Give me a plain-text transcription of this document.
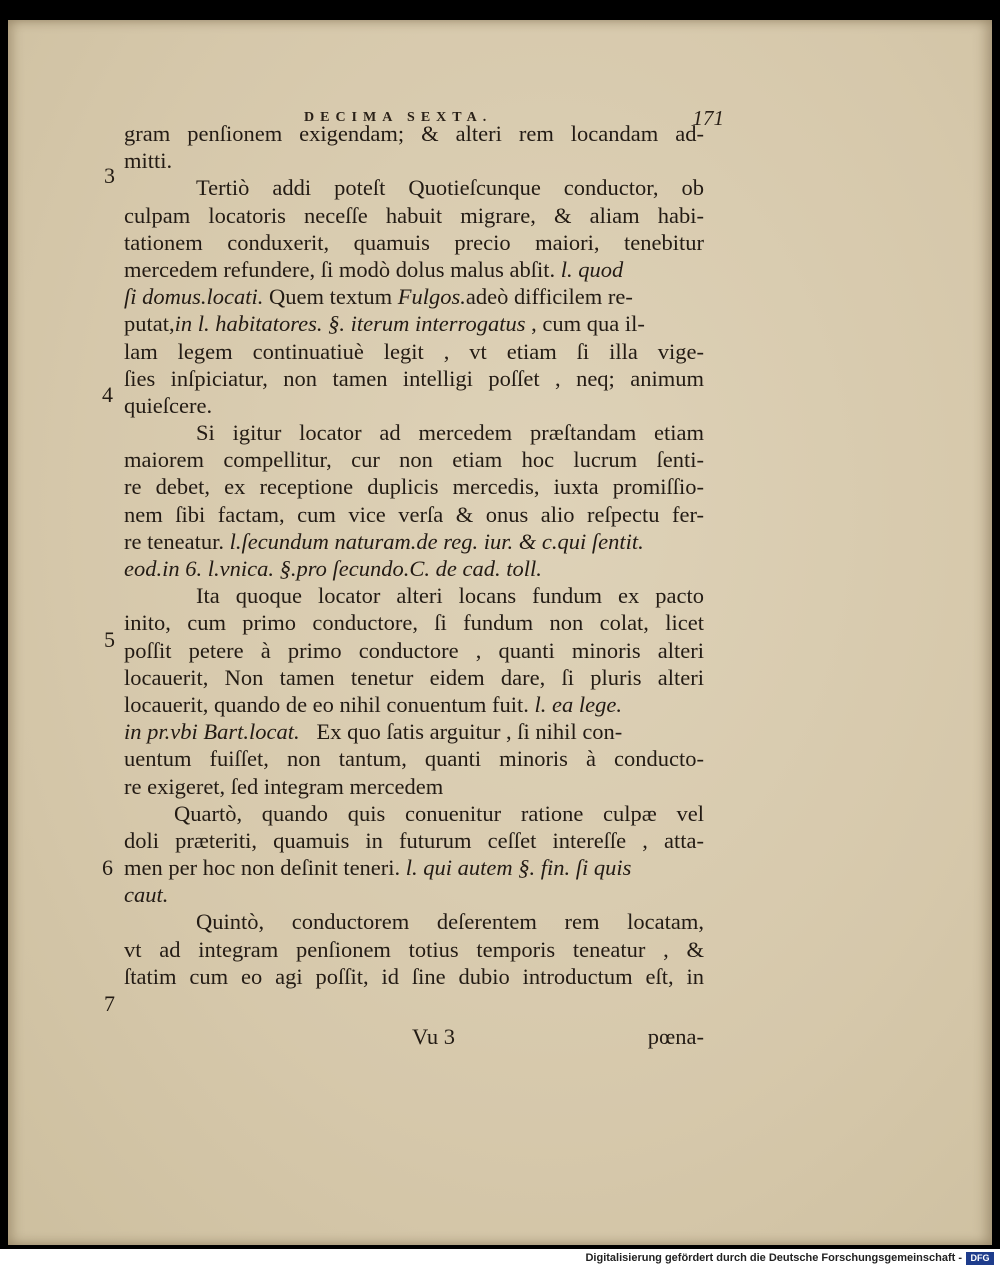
DECIMA SEXTA.	171
gram penſionem exigendam; & alteri rem locandam ad-
mitti.
Tertiò addi poteſt Quotieſcunque conductor, ob
culpam locatoris neceſſe habuit migrare, & aliam habi-
tationem conduxerit, quamuis precio maiori, tenebitur
mercedem refundere, ſi modò dolus malus abſit. l. quod
ſi domus.locati. Quem textum Fulgos.adeò difficilem re-
putat,in l. habitatores. §. iterum interrogatus , cum qua il-
lam legem continuatiuè legit , vt etiam ſi illa vige-
ſies inſpiciatur, non tamen intelligi poſſet , neq; animum
quieſcere.
Si igitur locator ad mercedem præſtandam etiam
maiorem compellitur, cur non etiam hoc lucrum ſenti-
re debet, ex receptione duplicis mercedis, iuxta promiſſio-
nem ſibi factam, cum vice verſa & onus alio reſpectu fer-
re teneatur. l.ſecundum naturam.de reg. iur. & c.qui ſentit.
eod.in 6. l.vnica. §.pro ſecundo.C. de cad. toll.
Ita quoque locator alteri locans fundum ex pacto
inito, cum primo conductore, ſi fundum non colat, licet
poſſit petere à primo conductore , quanti minoris alteri
locauerit, Non tamen tenetur eidem dare, ſi pluris alteri
locauerit, quando de eo nihil conuentum fuit. l. ea lege.
in pr.vbi Bart.locat. Ex quo ſatis arguitur , ſi nihil con-
uentum fuiſſet, non tantum, quanti minoris à conducto-
re exigeret, ſed integram mercedem
Quartò, quando quis conuenitur ratione culpæ vel
doli præteriti, quamuis in futurum ceſſet intereſſe , atta-
men per hoc non deſinit teneri. l. qui autem §. fin. ſi quis
caut.
Quintò, conductorem deſerentem rem locatam,
vt ad integram penſionem totius temporis teneatur , &
ſtatim cum eo agi poſſit, id ſine dubio introductum eſt, in
3
4
5
6
7
Vu 3	pœna-
Digitalisierung gefördert durch die Deutsche Forschungsgemeinschaft - DFG
